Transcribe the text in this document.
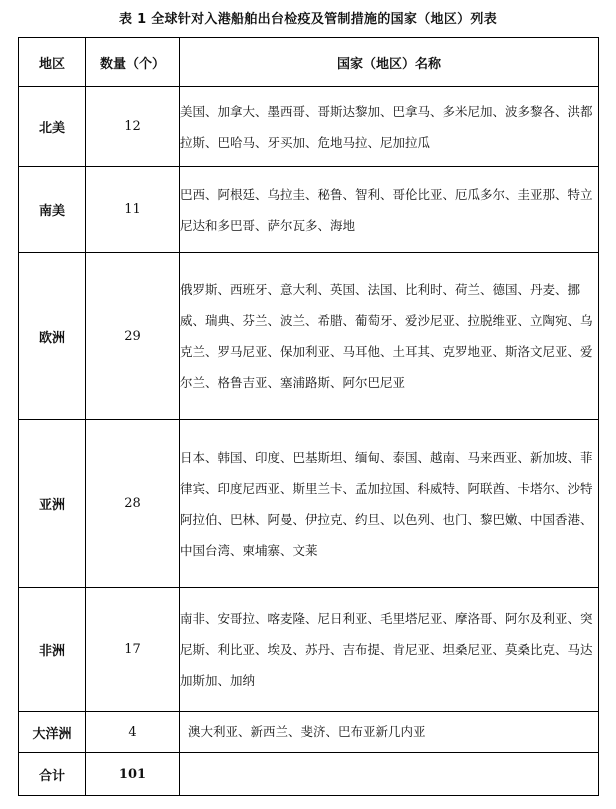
表 1 全球针对入港船舶出台检疫及管制措施的国家（地区）列表
地区	数量（个）	国家（地区）名称
北美	12	美国、加拿大、墨西哥、哥斯达黎加、巴拿马、多米尼加、波多黎各、洪都拉斯、巴哈马、牙买加、危地马拉、尼加拉瓜
南美	11	巴西、阿根廷、乌拉圭、秘鲁、智利、哥伦比亚、厄瓜多尔、圭亚那、特立尼达和多巴哥、萨尔瓦多、海地
欧洲	29	俄罗斯、西班牙、意大利、英国、法国、比利时、荷兰、德国、丹麦、挪威、瑞典、芬兰、波兰、希腊、葡萄牙、爱沙尼亚、拉脱维亚、立陶宛、乌克兰、罗马尼亚、保加利亚、马耳他、土耳其、克罗地亚、斯洛文尼亚、爱尔兰、格鲁吉亚、塞浦路斯、阿尔巴尼亚
亚洲	28	日本、韩国、印度、巴基斯坦、缅甸、泰国、越南、马来西亚、新加坡、菲律宾、印度尼西亚、斯里兰卡、孟加拉国、科威特、阿联酋、卡塔尔、沙特阿拉伯、巴林、阿曼、伊拉克、约旦、以色列、也门、黎巴嫩、中国香港、中国台湾、柬埔寨、文莱
非洲	17	南非、安哥拉、喀麦隆、尼日利亚、毛里塔尼亚、摩洛哥、阿尔及利亚、突尼斯、利比亚、埃及、苏丹、吉布提、肯尼亚、坦桑尼亚、莫桑比克、马达加斯加、加纳
大洋洲	4	澳大利亚、新西兰、斐济、巴布亚新几内亚
合计	101	
